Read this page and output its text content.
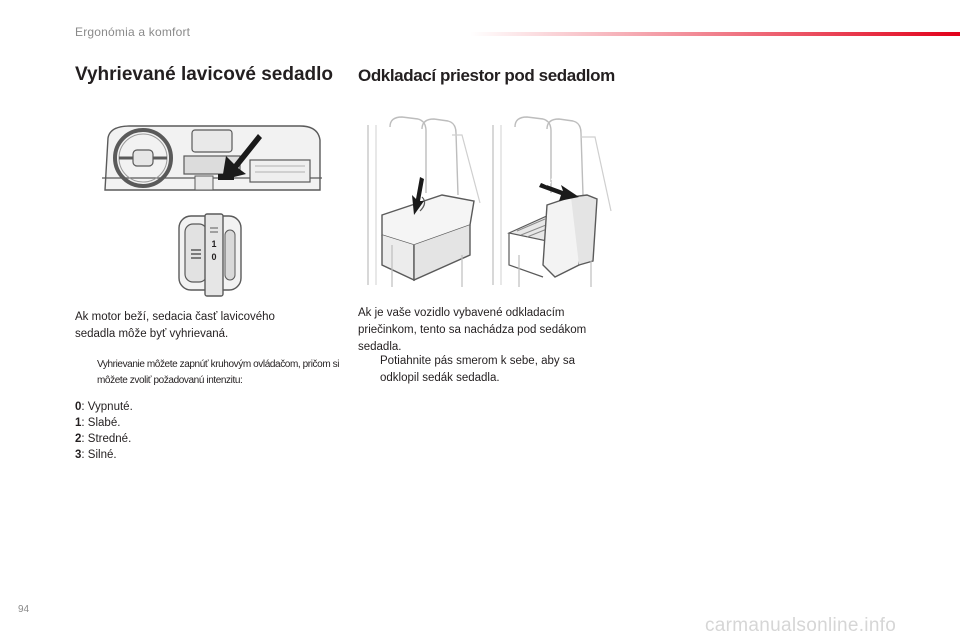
Ergonómia a komfort
Vyhrievané lavicové sedadlo
1
0
Ak motor beží, sedacia časť lavicového sedadla môže byť vyhrievaná.
Vyhrievanie môžete zapnúť kruhovým ovládačom, pričom si môžete zvoliť požadovanú intenzitu:
0: Vypnuté.
1: Slabé.
2: Stredné.
3: Silné.
Odkladací priestor pod sedadlom
Ak je vaše vozidlo vybavené odkladacím priečinkom, tento sa nachádza pod sedákom sedadla.
Potiahnite pás smerom k sebe, aby sa odklopil sedák sedadla.
94
carmanualsonline.info
